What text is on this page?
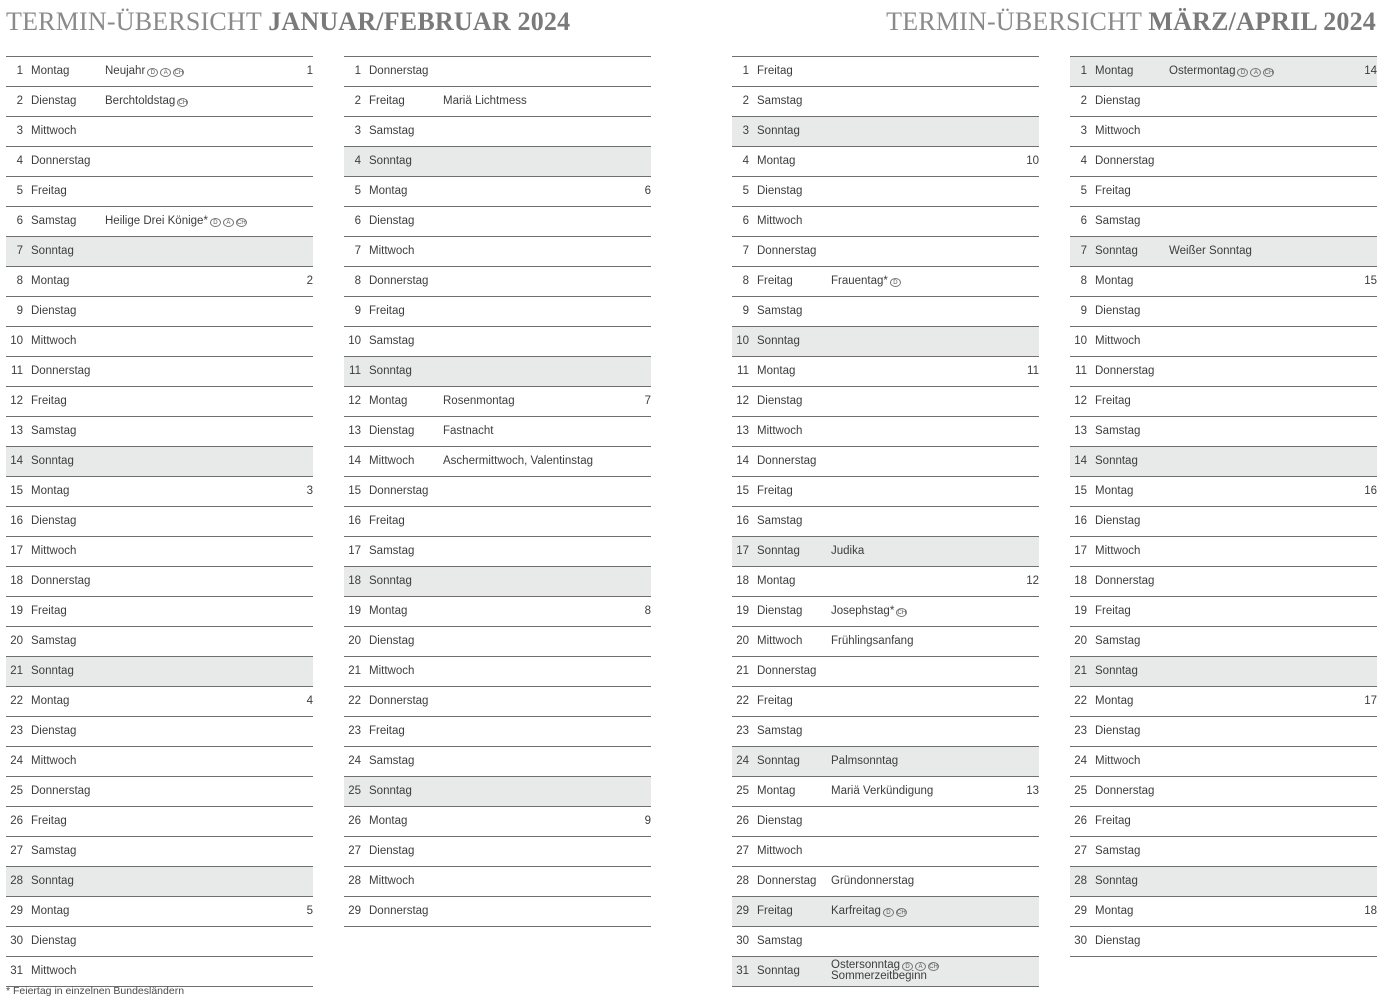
TERMIN-ÜBERSICHT JANUAR/FEBRUAR 2024	TERMIN-ÜBERSICHT MÄRZ/APRIL 2024
1 Montag	Neujahr D A CH	1
2 Dienstag Berchtoldstag CH
3 Mittwoch
4 Donnerstag
5 Freitag
6 Samstag Heilige Drei Könige* D A CH
7 Sonntag
8 Montag	2
9 Dienstag
10 Mittwoch
11 Donnerstag
12 Freitag
13 Samstag
14 Sonntag
15 Montag	3
16 Dienstag
17 Mittwoch
18 Donnerstag
19 Freitag
20 Samstag
21 Sonntag
22 Montag	4
23 Dienstag
24 Mittwoch
25 Donnerstag
26 Freitag
27 Samstag
28 Sonntag
29 Montag	5
30 Dienstag
31 Mittwoch
1 Donnerstag
2 Freitag	Mariä Lichtmess
3 Samstag
4 Sonntag
5 Montag	6
6 Dienstag
7 Mittwoch
8 Donnerstag
9 Freitag
10 Samstag
11 Sonntag
12 Montag	Rosenmontag	7
13 Dienstag Fastnacht
14 Mittwoch Aschermittwoch, Valentinstag
15 Donnerstag
16 Freitag
17 Samstag
18 Sonntag
19 Montag	8
20 Dienstag
21 Mittwoch
22 Donnerstag
23 Freitag
24 Samstag
25 Sonntag
26 Montag	9
27 Dienstag
28 Mittwoch
29 Donnerstag
1 Freitag
2 Samstag
3 Sonntag
4 Montag	10
5 Dienstag
6 Mittwoch
7 Donnerstag
8 Freitag	Frauentag* D
9 Samstag
10 Sonntag
11 Montag	11
12 Dienstag
13 Mittwoch
14 Donnerstag
15 Freitag
16 Samstag
17 Sonntag	Judika
18 Montag	12
19 Dienstag Josephstag* CH
20 Mittwoch Frühlingsanfang
21 Donnerstag
22 Freitag
23 Samstag
24 Sonntag	Palmsonntag
25 Montag	Mariä Verkündigung	13
26 Dienstag
27 Mittwoch
28 Donnerstag Gründonnerstag
29 Freitag	Karfreitag D CH
30 Samstag
31 Sonntag	Ostersonntag D A CH
Sommerzeitbeginn
1 Montag	Ostermontag D A CH	14
2 Dienstag
3 Mittwoch
4 Donnerstag
5 Freitag
6 Samstag
7 Sonntag	Weißer Sonntag
8 Montag	15
9 Dienstag
10 Mittwoch
11 Donnerstag
12 Freitag
13 Samstag
14 Sonntag
15 Montag	16
16 Dienstag
17 Mittwoch
18 Donnerstag
19 Freitag
20 Samstag
21 Sonntag
22 Montag	17
23 Dienstag
24 Mittwoch
25 Donnerstag
26 Freitag
27 Samstag
28 Sonntag
29 Montag	18
30 Dienstag
* Feiertag in einzelnen Bundesländern
